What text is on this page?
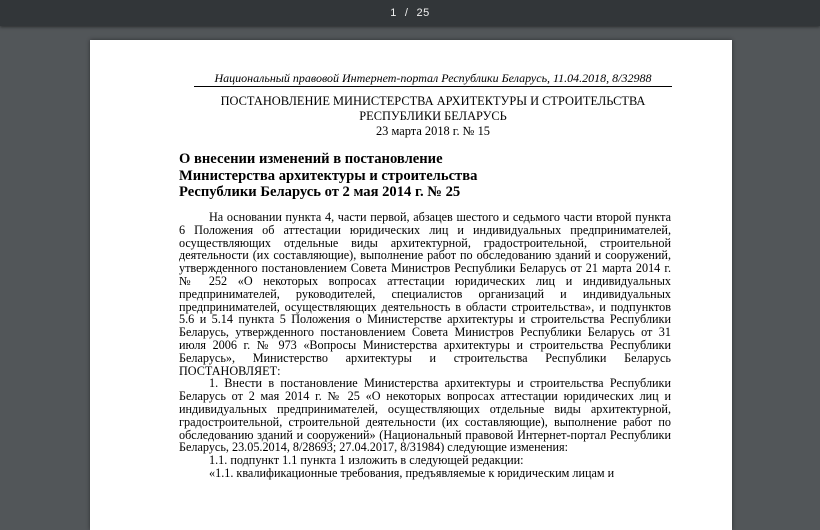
1 / 25
Национальный правовой Интернет-портал Республики Беларусь, 11.04.2018, 8/32988
ПОСТАНОВЛЕНИЕ МИНИСТЕРСТВА АРХИТЕКТУРЫ И СТРОИТЕЛЬСТВА
РЕСПУБЛИКИ БЕЛАРУСЬ
23 марта 2018 г. № 15
О внесении изменений в постановление
Министерства архитектуры и строительства
Республики Беларусь от 2 мая 2014 г. № 25

На основании пункта 4, части первой, абзацев шестого и седьмого части второй пункта 6 Положения об аттестации юридических лиц и индивидуальных предпринимателей, осуществляющих отдельные виды архитектурной, градостроительной, строительной деятельности (их составляющие), выполнение работ по обследованию зданий и сооружений, утвержденного постановлением Совета Министров Республики Беларусь от 21 марта 2014 г. № 252 «О некоторых вопросах аттестации юридических лиц и индивидуальных предпринимателей, руководителей, специалистов организаций и индивидуальных предпринимателей, осуществляющих деятельность в области строительства», и подпунктов 5.6 и 5.14 пункта 5 Положения о Министерстве архитектуры и строительства Республики Беларусь, утвержденного постановлением Совета Министров Республики Беларусь от 31 июля 2006 г. № 973 «Вопросы Министерства архитектуры и строительства Республики Беларусь», Министерство архитектуры и строительства Республики Беларусь ПОСТАНОВЛЯЕТ:

1. Внести в постановление Министерства архитектуры и строительства Республики Беларусь от 2 мая 2014 г. № 25 «О некоторых вопросах аттестации юридических лиц и индивидуальных предпринимателей, осуществляющих отдельные виды архитектурной, градостроительной, строительной деятельности (их составляющие), выполнение работ по обследованию зданий и сооружений» (Национальный правовой Интернет-портал Республики Беларусь, 23.05.2014, 8/28693; 27.04.2017, 8/31984) следующие изменения:

1.1. подпункт 1.1 пункта 1 изложить в следующей редакции:

«1.1. квалификационные требования, предъявляемые к юридическим лицам и
